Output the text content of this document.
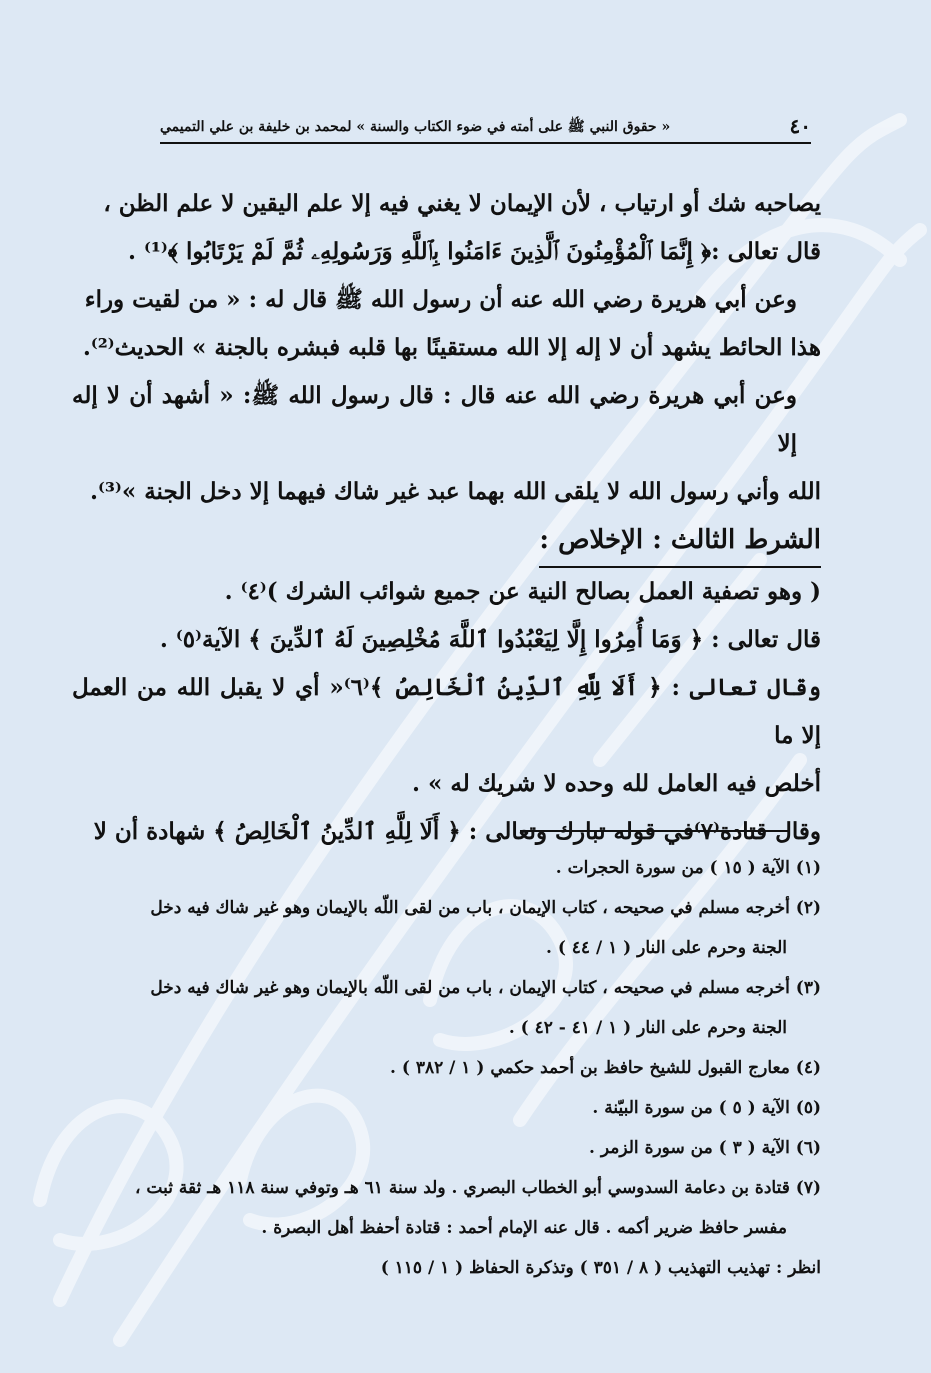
٤٠
« حقوق النبي ﷺ على أمته في ضوء الكتاب والسنة » لمحمد بن خليفة بن علي التميمي

يصاحبه شك أو ارتياب ، لأن الإيمان لا يغني فيه إلا علم اليقين لا علم الظن ،

قال تعالى :﴿ إِنَّمَا ٱلْمُؤْمِنُونَ ٱلَّذِينَ ءَامَنُوا بِٱللَّهِ وَرَسُولِهِۦ ثُمَّ لَمْ يَرْتَابُوا ﴾⁽¹⁾ .

وعن أبي هريرة رضي الله عنه أن رسول الله ﷺ قال له : « من لقيت وراء

هذا الحائط يشهد أن لا إله إلا الله مستقينًا بها قلبه فبشره بالجنة » الحديث⁽²⁾.

وعن أبي هريرة رضي الله عنه قال : قال رسول الله ﷺ: « أشهد أن لا إله إلا

الله وأني رسول الله لا يلقى الله بهما عبد غير شاك فيهما إلا دخل الجنة »⁽³⁾.

الشرط الثالث : الإخلاص :

( وهو تصفية العمل بصالح النية عن جميع شوائب الشرك )⁽٤⁾ .

قال تعالى : ﴿ وَمَا أُمِرُوا إِلَّا لِيَعْبُدُوا ٱللَّهَ مُخْلِصِينَ لَهُ ٱلدِّينَ ﴾ الآية⁽٥⁾ .

وقال تعالى : ﴿ أَلَا لِلَّهِ ٱلدِّينُ ٱلْخَالِصُ ﴾⁽٦⁾« أي لا يقبل الله من العمل إلا ما

أخلص فيه العامل لله وحده لا شريك له » .

وقال قتادة⁽٧⁾في قوله تبارك وتعالى : ﴿ أَلَا لِلَّهِ ٱلدِّينُ ٱلْخَالِصُ ﴾ شهادة أن لا

(١) الآية ( ١٥ ) من سورة الحجرات .

(٢) أخرجه مسلم في صحيحه ، كتاب الإيمان ، باب من لقى اللّه بالإيمان وهو غير شاك فيه دخل

الجنة وحرم على النار ( ١ / ٤٤ ) .

(٣) أخرجه مسلم في صحيحه ، كتاب الإيمان ، باب من لقى اللّه بالإيمان وهو غير شاك فيه دخل

الجنة وحرم على النار ( ١ / ٤١ - ٤٢ ) .

(٤) معارج القبول للشيخ حافظ بن أحمد حكمي ( ١ / ٣٨٢ ) .

(٥) الآية ( ٥ ) من سورة البيّنة .

(٦) الآية ( ٣ ) من سورة الزمر .

(٧) قتادة بن دعامة السدوسي أبو الخطاب البصري . ولد سنة ٦١ هـ وتوفي سنة ١١٨ هـ ثقة ثبت ،

مفسر حافظ ضرير أكمه . قال عنه الإمام أحمد : قتادة أحفظ أهل البصرة .

انظر : تهذيب التهذيب ( ٨ / ٣٥١ ) وتذكرة الحفاظ ( ١ / ١١٥ )
